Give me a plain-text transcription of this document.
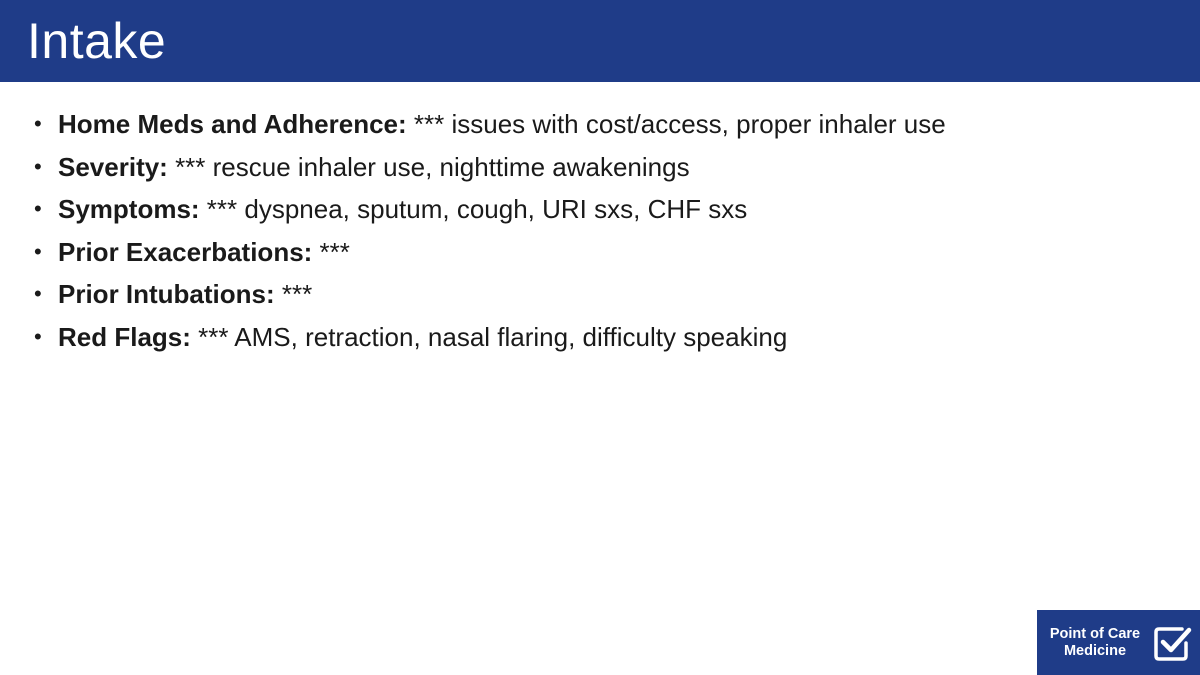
Intake
• Home Meds and Adherence: *** issues with cost/access, proper inhaler use
• Severity: *** rescue inhaler use, nighttime awakenings
• Symptoms: *** dyspnea, sputum, cough, URI sxs, CHF sxs
• Prior Exacerbations: ***
• Prior Intubations: ***
• Red Flags: *** AMS, retraction, nasal flaring, difficulty speaking
Point of Care
Medicine
